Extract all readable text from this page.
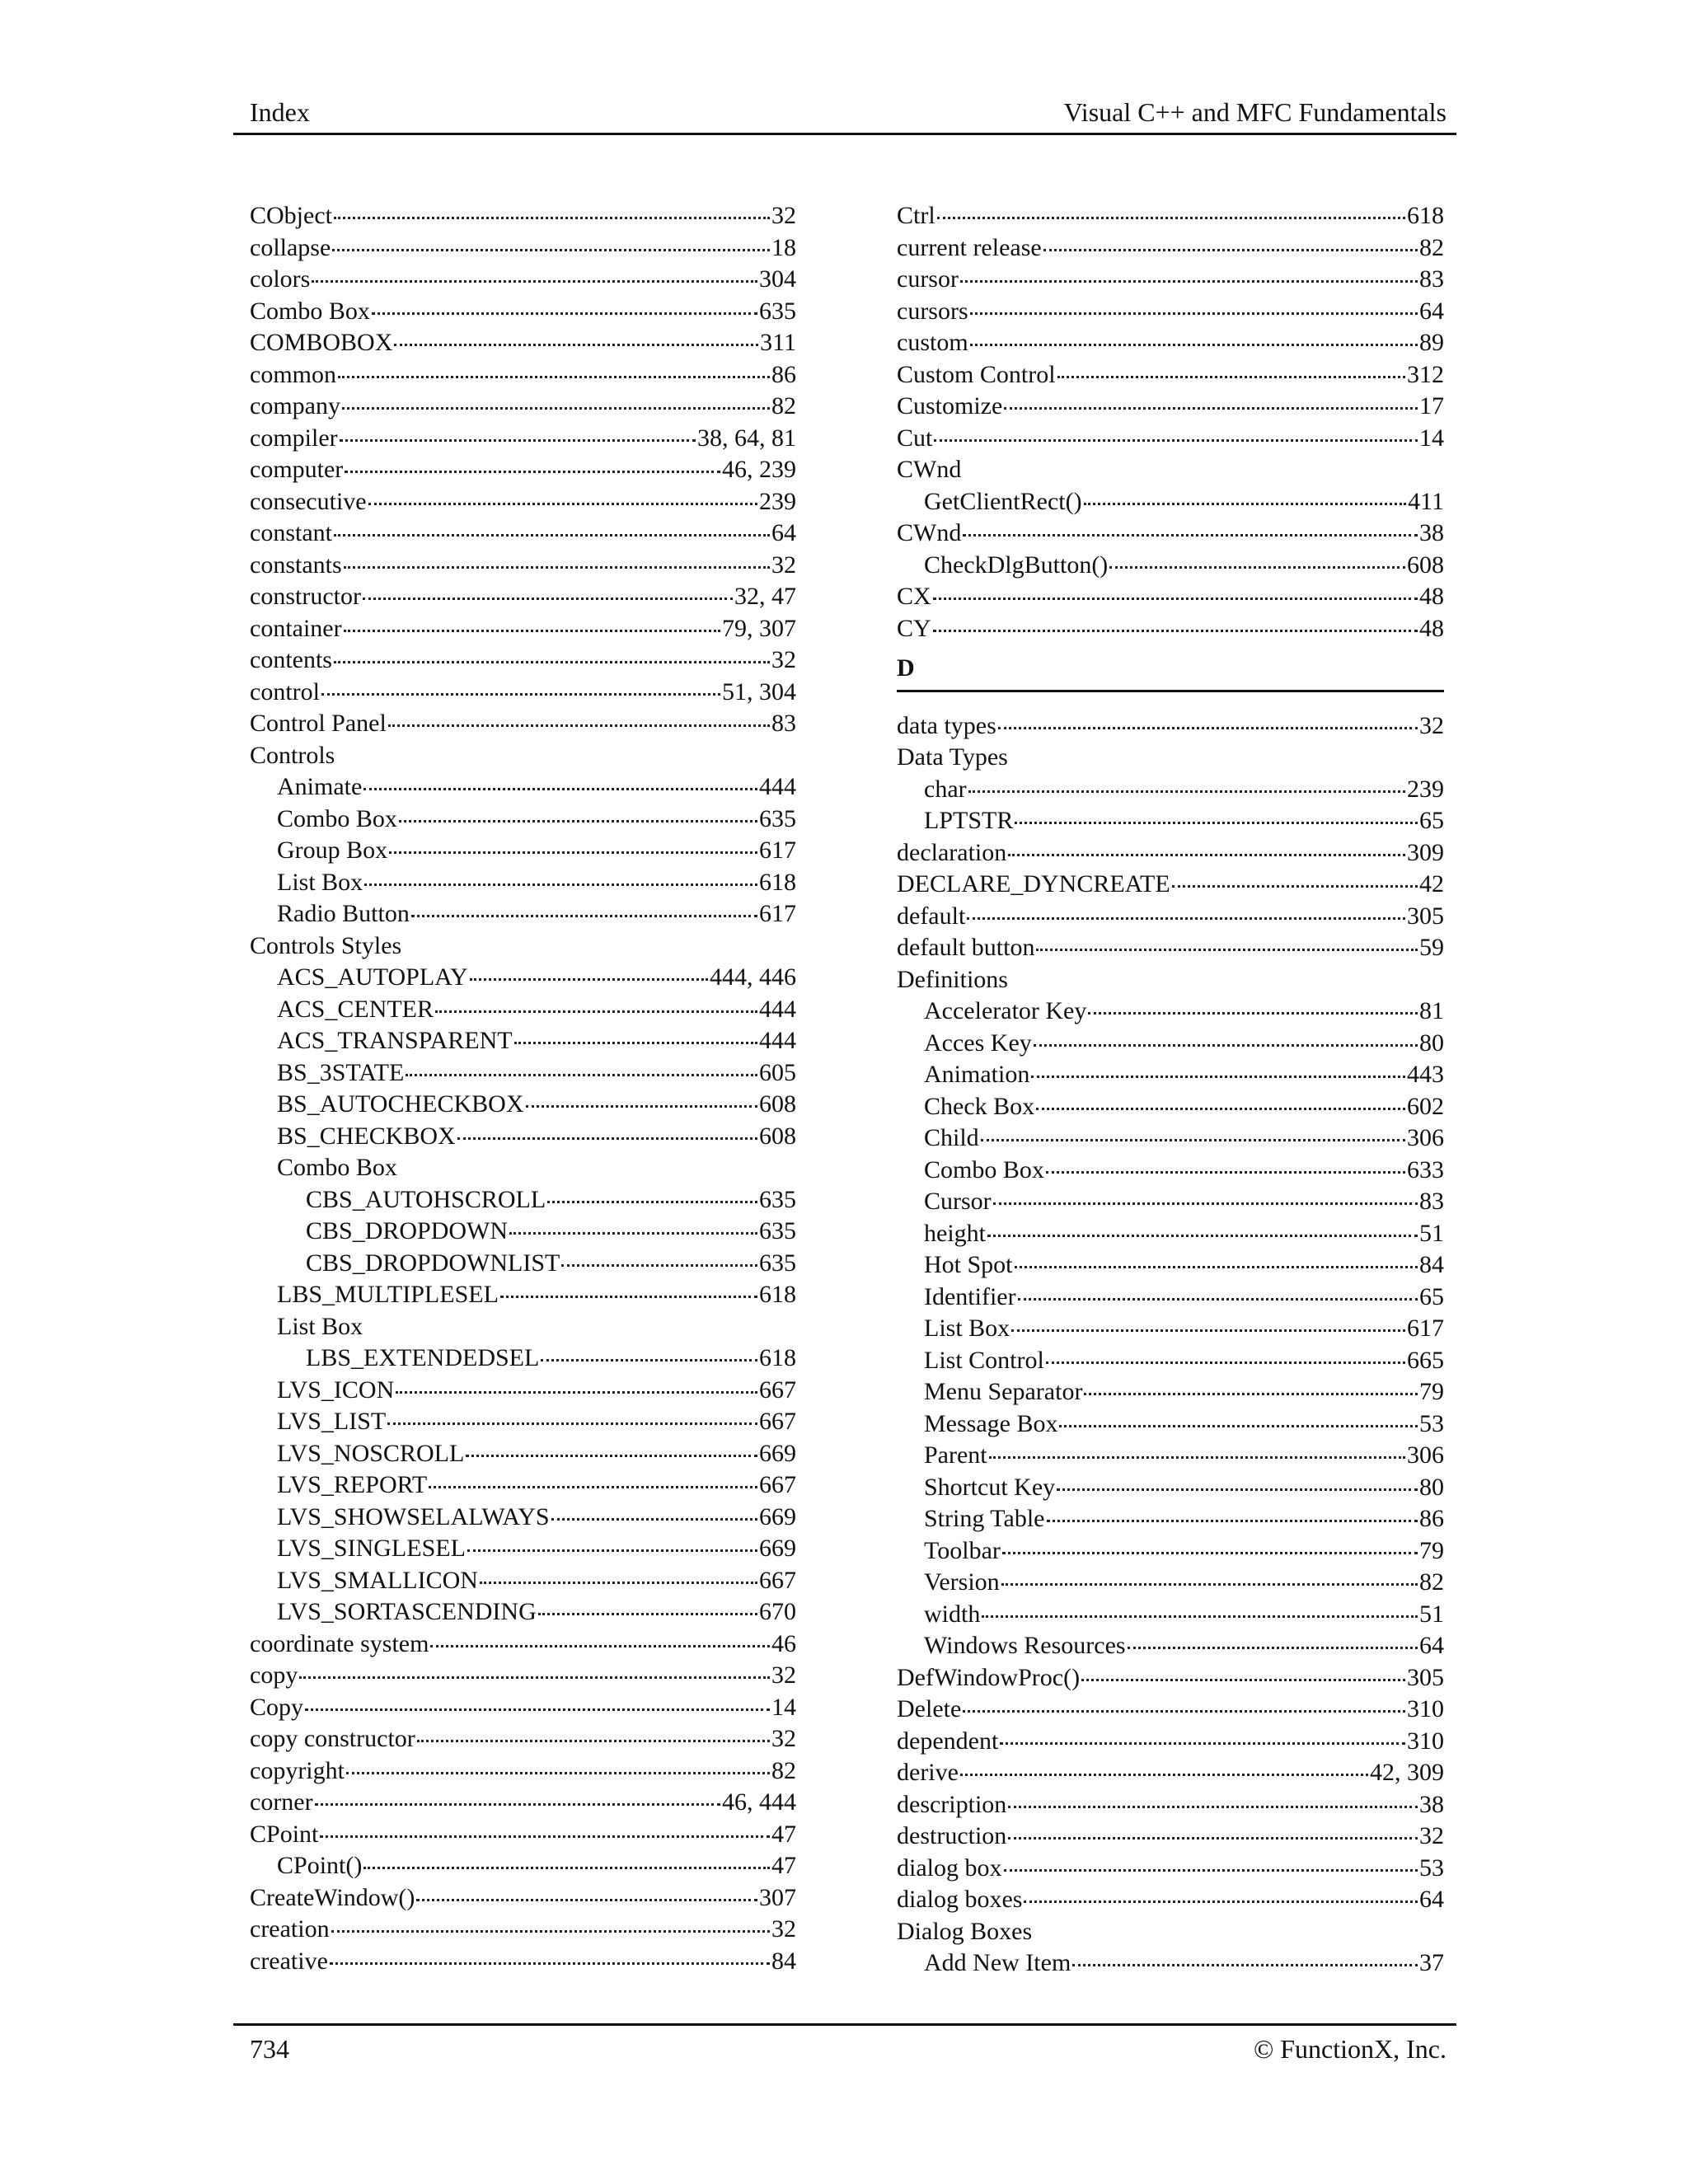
Index	Visual C++ and MFC Fundamentals
CObject	32
collapse	18
colors	304
Combo Box	635
COMBOBOX	311
common	86
company	82
compiler	38, 64, 81
computer	46, 239
consecutive	239
constant	64
constants	32
constructor	32, 47
container	79, 307
contents	32
control	51, 304
Control Panel	83
Controls
Animate	444
Combo Box	635
Group Box	617
List Box	618
Radio Button	617
Controls Styles
ACS_AUTOPLAY	444, 446
ACS_CENTER	444
ACS_TRANSPARENT	444
BS_3STATE	605
BS_AUTOCHECKBOX	608
BS_CHECKBOX	608
Combo Box
CBS_AUTOHSCROLL	635
CBS_DROPDOWN	635
CBS_DROPDOWNLIST	635
LBS_MULTIPLESEL	618
List Box
LBS_EXTENDEDSEL	618
LVS_ICON	667
LVS_LIST	667
LVS_NOSCROLL	669
LVS_REPORT	667
LVS_SHOWSELALWAYS	669
LVS_SINGLESEL	669
LVS_SMALLICON	667
LVS_SORTASCENDING	670
coordinate system	46
copy	32
Copy	14
copy constructor	32
copyright	82
corner	46, 444
CPoint	47
CPoint()	47
CreateWindow()	307
creation	32
creative	84
Ctrl	618
current release	82
cursor	83
cursors	64
custom	89
Custom Control	312
Customize	17
Cut	14
CWnd
GetClientRect()	411
CWnd	38
CheckDlgButton()	608
CX	48
CY	48
D
data types	32
Data Types
char	239
LPTSTR	65
declaration	309
DECLARE_DYNCREATE	42
default	305
default button	59
Definitions
Accelerator Key	81
Acces Key	80
Animation	443
Check Box	602
Child	306
Combo Box	633
Cursor	83
height	51
Hot Spot	84
Identifier	65
List Box	617
List Control	665
Menu Separator	79
Message Box	53
Parent	306
Shortcut Key	80
String Table	86
Toolbar	79
Version	82
width	51
Windows Resources	64
DefWindowProc()	305
Delete	310
dependent	310
derive	42, 309
description	38
destruction	32
dialog box	53
dialog boxes	64
Dialog Boxes
Add New Item	37
734	© FunctionX, Inc.
